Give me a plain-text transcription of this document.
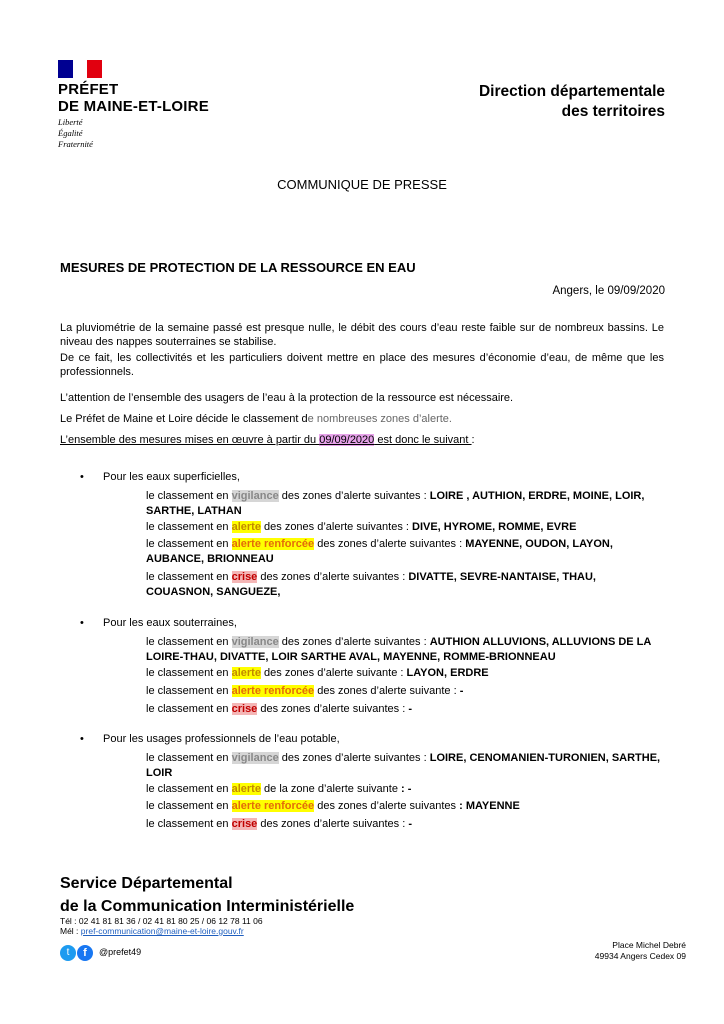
PRÉFET
DE MAINE-ET-LOIRE
Liberté
Égalité
Fraternité
Direction départementale
des territoires
COMMUNIQUE DE PRESSE
MESURES DE PROTECTION DE LA RESSOURCE EN EAU
Angers, le 09/09/2020
La pluviométrie de la semaine passé est presque nulle, le débit des cours d’eau reste faible sur de nombreux bassins. Le niveau des nappes souterraines se stabilise.
De ce fait, les collectivités et les particuliers doivent mettre en place des mesures d’économie d’eau, de même que les professionnels.
L’attention de l’ensemble des usagers de l’eau à la protection de la ressource est nécessaire.
Le Préfet de Maine et Loire décide le classement de nombreuses zones d’alerte.
L’ensemble des mesures mises en œuvre à partir du 09/09/2020 est donc le suivant :
• Pour les eaux superficielles,
le classement en vigilance des zones d’alerte suivantes : LOIRE , AUTHION, ERDRE, MOINE, LOIR, SARTHE, LATHAN
le classement en alerte des zones d’alerte suivantes : DIVE, HYROME, ROMME, EVRE
le classement en alerte renforcée des zones d’alerte suivantes : MAYENNE, OUDON, LAYON, AUBANCE, BRIONNEAU
le classement en crise des zones d’alerte suivantes : DIVATTE, SEVRE-NANTAISE, THAU, COUASNON, SANGUEZE,
• Pour les eaux souterraines,
le classement en vigilance des zones d’alerte suivantes : AUTHION ALLUVIONS, ALLUVIONS DE LA LOIRE-THAU, DIVATTE, LOIR SARTHE AVAL, MAYENNE, ROMME-BRIONNEAU
le classement en alerte des zones d’alerte suivante : LAYON, ERDRE
le classement en alerte renforcée des zones d’alerte suivante : -
le classement en crise des zones d’alerte suivantes : -
• Pour les usages professionnels de l’eau potable,
le classement en vigilance des zones d’alerte suivantes : LOIRE, CENOMANIEN-TURONIEN, SARTHE, LOIR
le classement en alerte de la zone d’alerte suivante : -
le classement en alerte renforcée des zones d’alerte suivantes : MAYENNE
le classement en crise des zones d’alerte suivantes : -
Service Départemental
de la Communication Interministérielle
Tél : 02 41 81 81 36 / 02 41 81 80 25 / 06 12 78 11 06
Mél : pref-communication@maine-et-loire.gouv.fr
t	f	@prefet49
Place Michel Debré
49934 Angers Cedex 09
